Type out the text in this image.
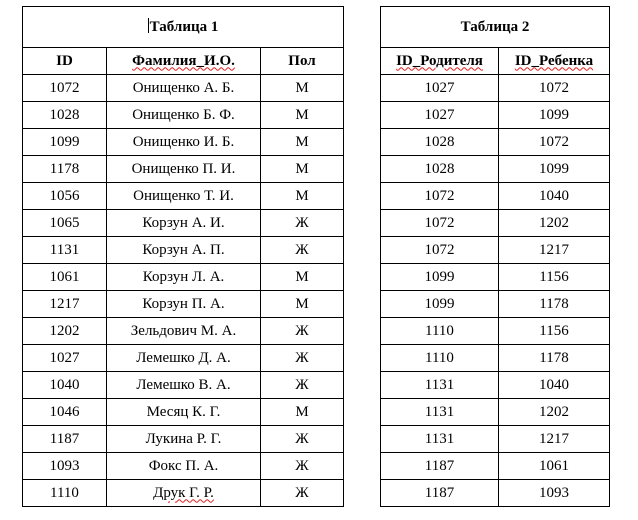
Таблица 1		
ID	Фамилия_И.О.	Пол
1072	Онищенко А. Б.	М
1028	Онищенко Б. Ф.	М
1099	Онищенко И. Б.	М
1178	Онищенко П. И.	М
1056	Онищенко Т. И.	М
1065	Корзун А. И.	Ж
1131	Корзун А. П.	Ж
1061	Корзун Л. А.	М
1217	Корзун П. А.	М
1202	Зельдович М. А.	Ж
1027	Лемешко Д. А.	Ж
1040	Лемешко В. А.	Ж
1046	Месяц К. Г.	М
1187	Лукина Р. Г.	Ж
1093	Фокс П. А.	Ж
1110	Друк Г. Р.	Ж
Таблица 2	
ID_Родителя	ID_Ребенка
1027	1072
1027	1099
1028	1072
1028	1099
1072	1040
1072	1202
1072	1217
1099	1156
1099	1178
1110	1156
1110	1178
1131	1040
1131	1202
1131	1217
1187	1061
1187	1093
